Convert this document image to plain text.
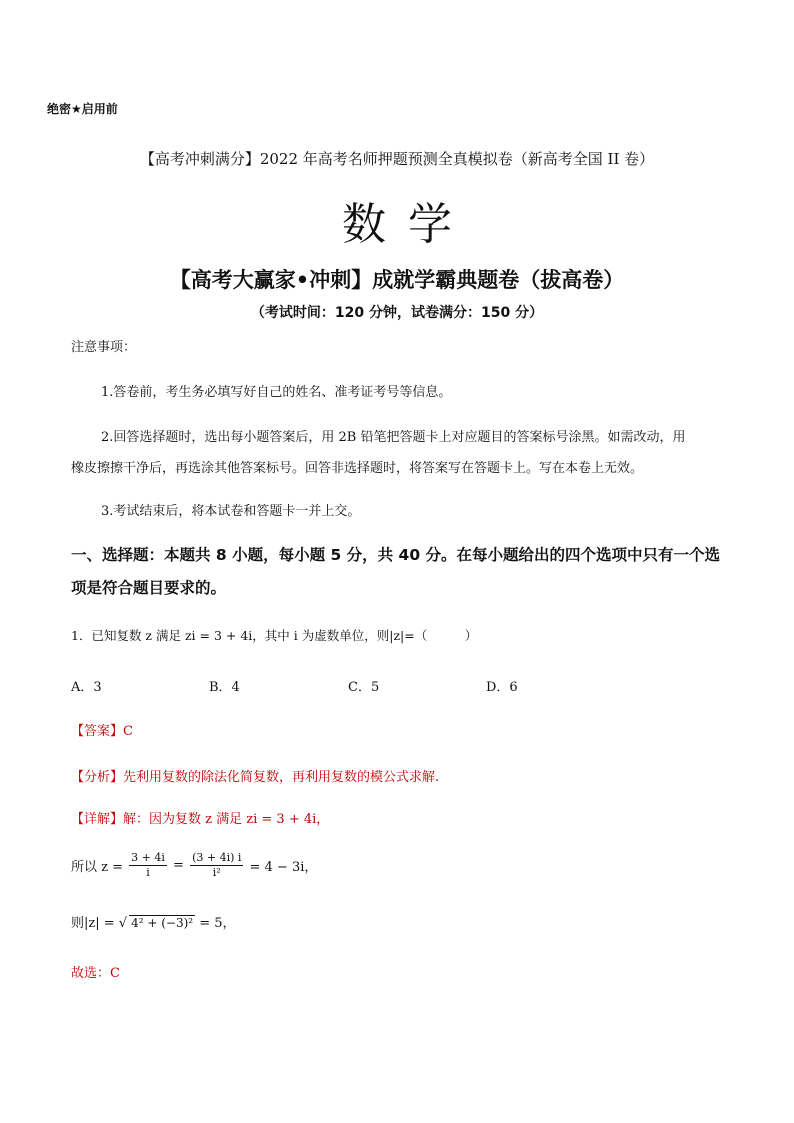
绝密★启用前
【高考冲刺满分】2022 年高考名师押题预测全真模拟卷（新高考全国 II 卷）
数学
【高考大赢家•冲刺】成就学霸典题卷（拔高卷）
（考试时间：120 分钟，试卷满分：150 分）
注意事项：
1.答卷前，考生务必填写好自己的姓名、准考证考号等信息。
2.回答选择题时，选出每小题答案后，用 2B 铅笔把答题卡上对应题目的答案标号涂黑。如需改动，用
橡皮擦擦干净后，再选涂其他答案标号。回答非选择题时，将答案写在答题卡上。写在本卷上无效。
3.考试结束后，将本试卷和答题卡一并上交。
一、选择题：本题共 8 小题，每小题 5 分，共 40 分。在每小题给出的四个选项中只有一个选
项是符合题目要求的。
1．已知复数 z 满足 zi = 3 + 4i，其中 i 为虚数单位，则|z|=（　　　）
A．3	B．4	C．5	D．6
【答案】C
【分析】先利用复数的除法化简复数，再利用复数的模公式求解.
【详解】解：因为复数 z 满足 zi = 3 + 4i，
所以 $z = \frac{3 + 4i}{i} = \frac{(3 + 4i) i}{\text{i²}} = 4 - 3i$，
则|z| = √ 4² + (−3)² = 5，
故选：C
